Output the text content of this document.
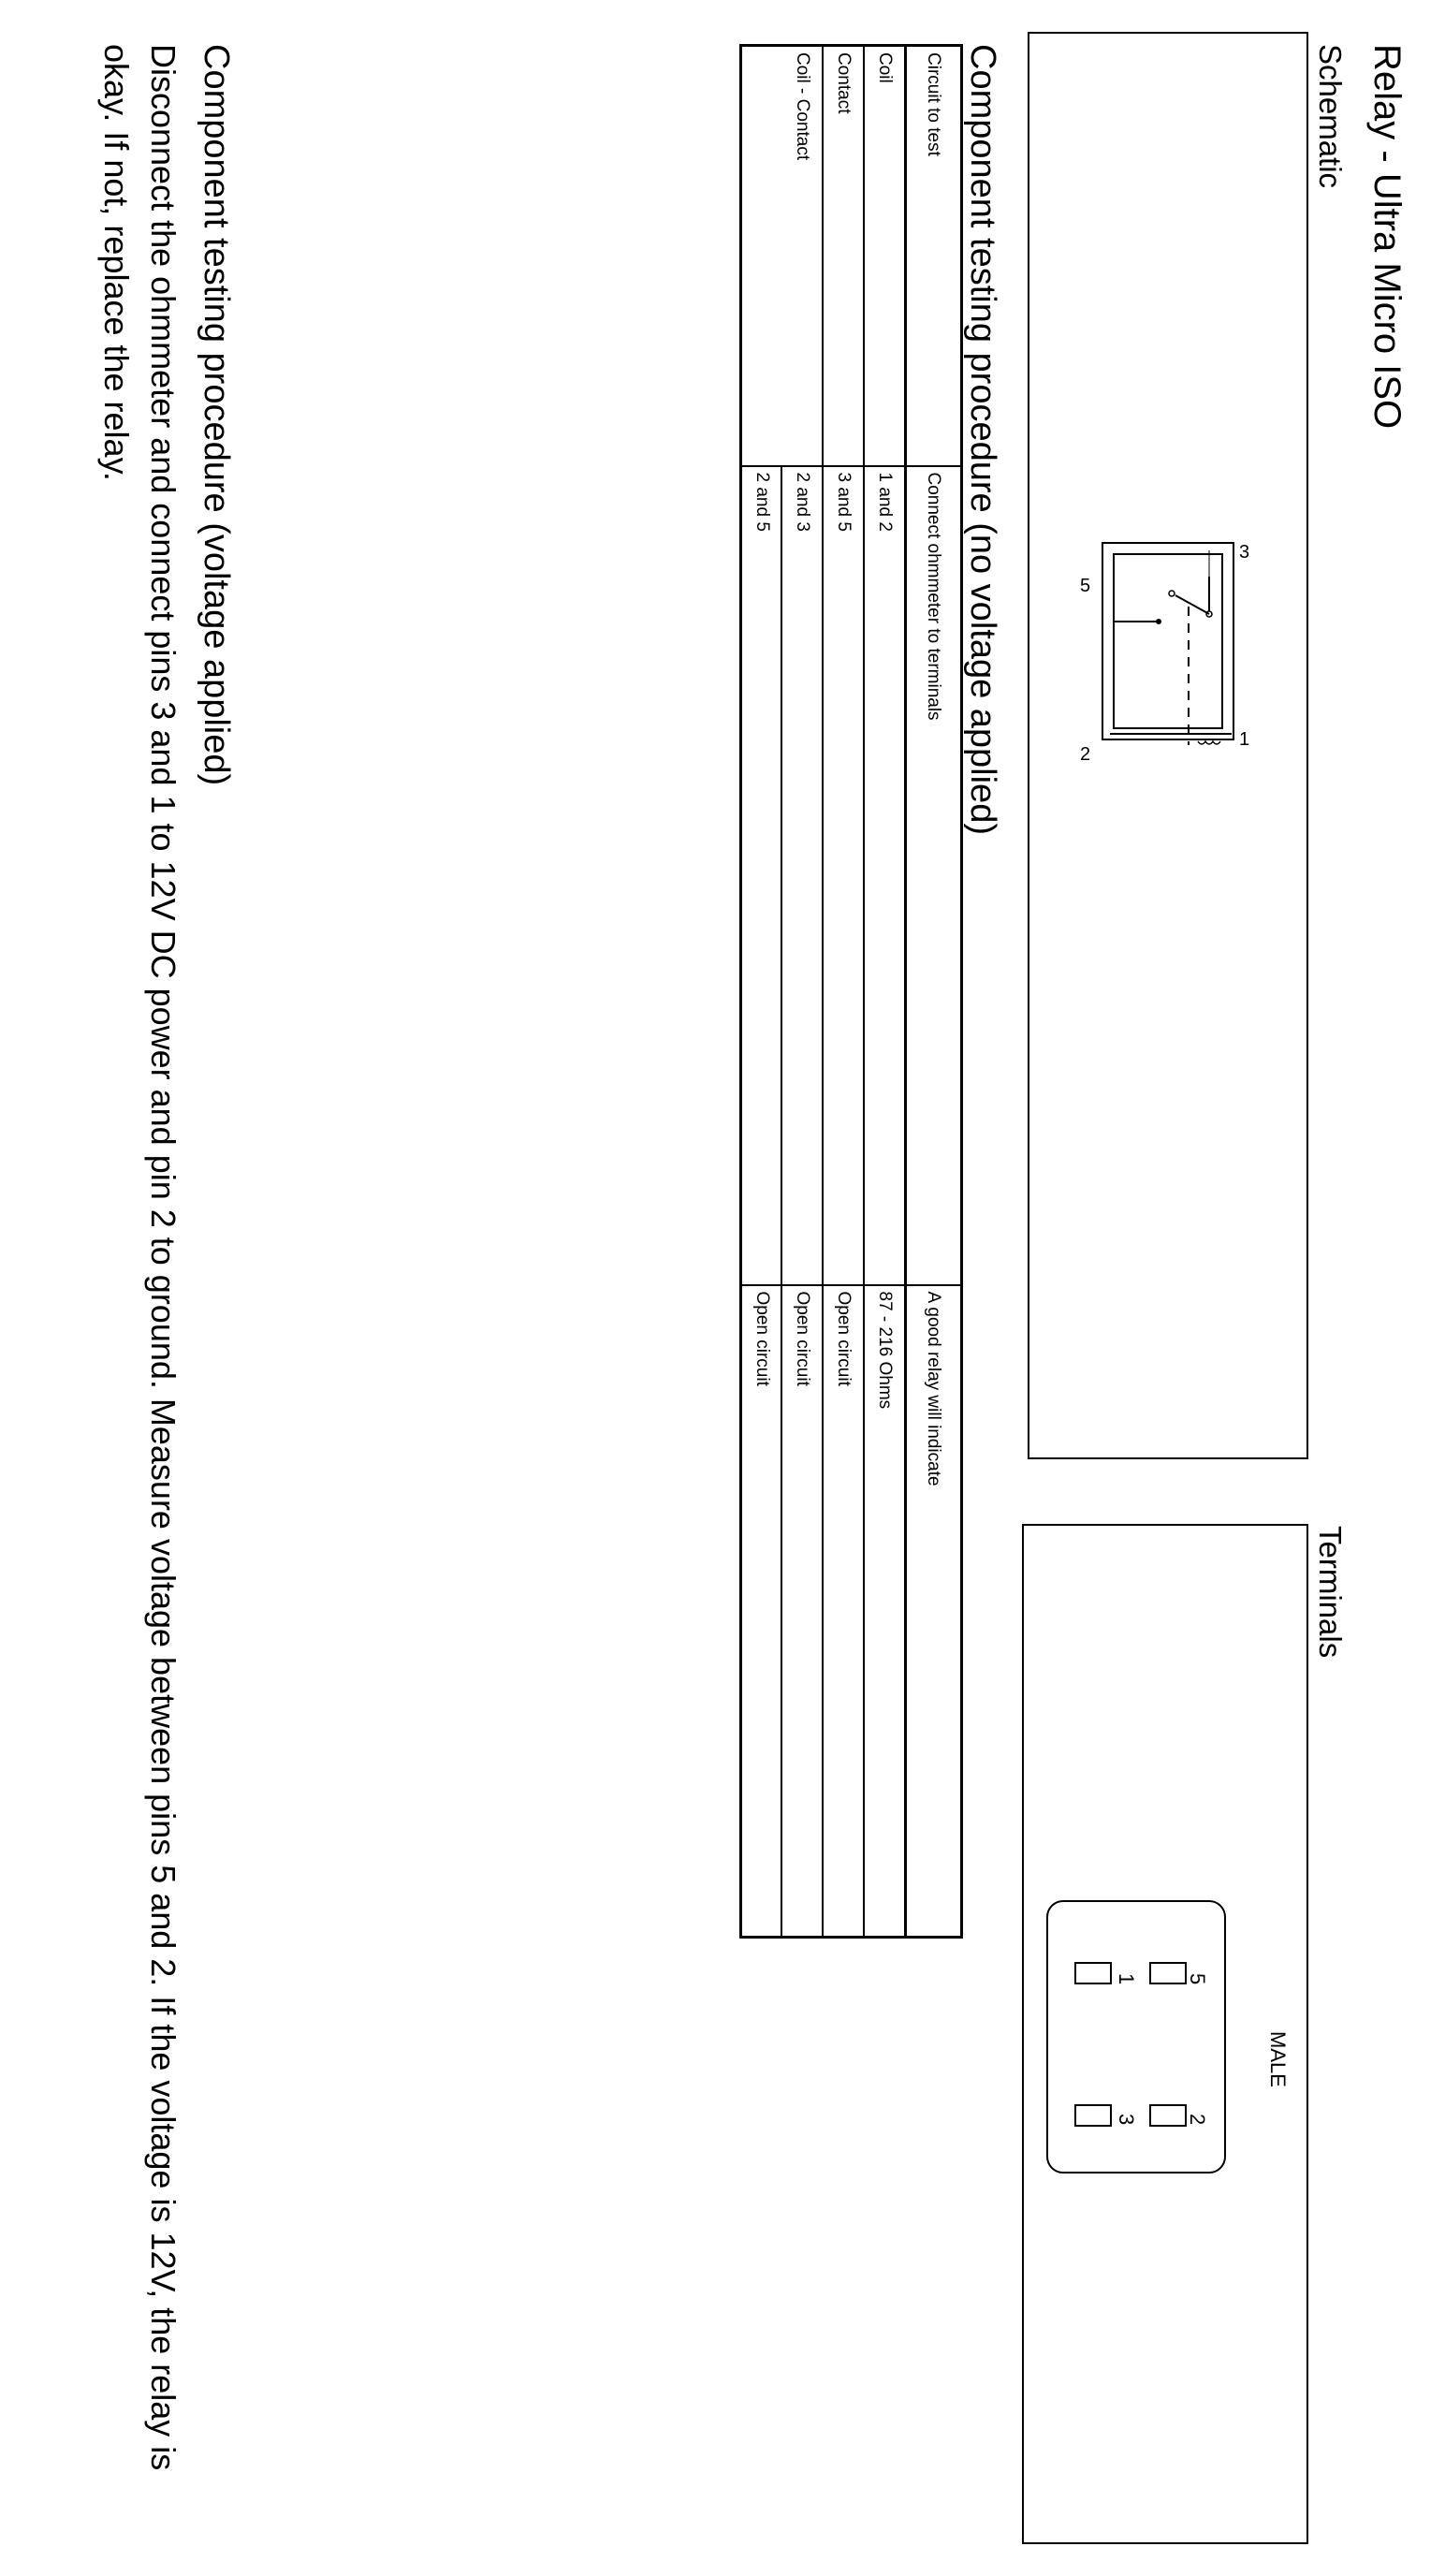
Relay - Ultra Micro ISO
Schematic
3
5
1
2
Terminals
MALE
5
2
1
3
Component testing procedure (no voltage applied)
Circuit to test	Connect ohmmeter to terminals	A good relay will indicate
Coil	1 and 2	87 - 216 Ohms
Contact	3 and 5	Open circuit
Coil - Contact	2 and 3	Open circuit
	2 and 5	Open circuit
Component testing procedure (voltage applied)
Disconnect the ohmmeter and connect pins 3 and 1 to 12V DC power and pin 2 to ground. Measure voltage between pins 5 and 2. If the voltage is 12V, the relay is okay. If not, replace the relay.
